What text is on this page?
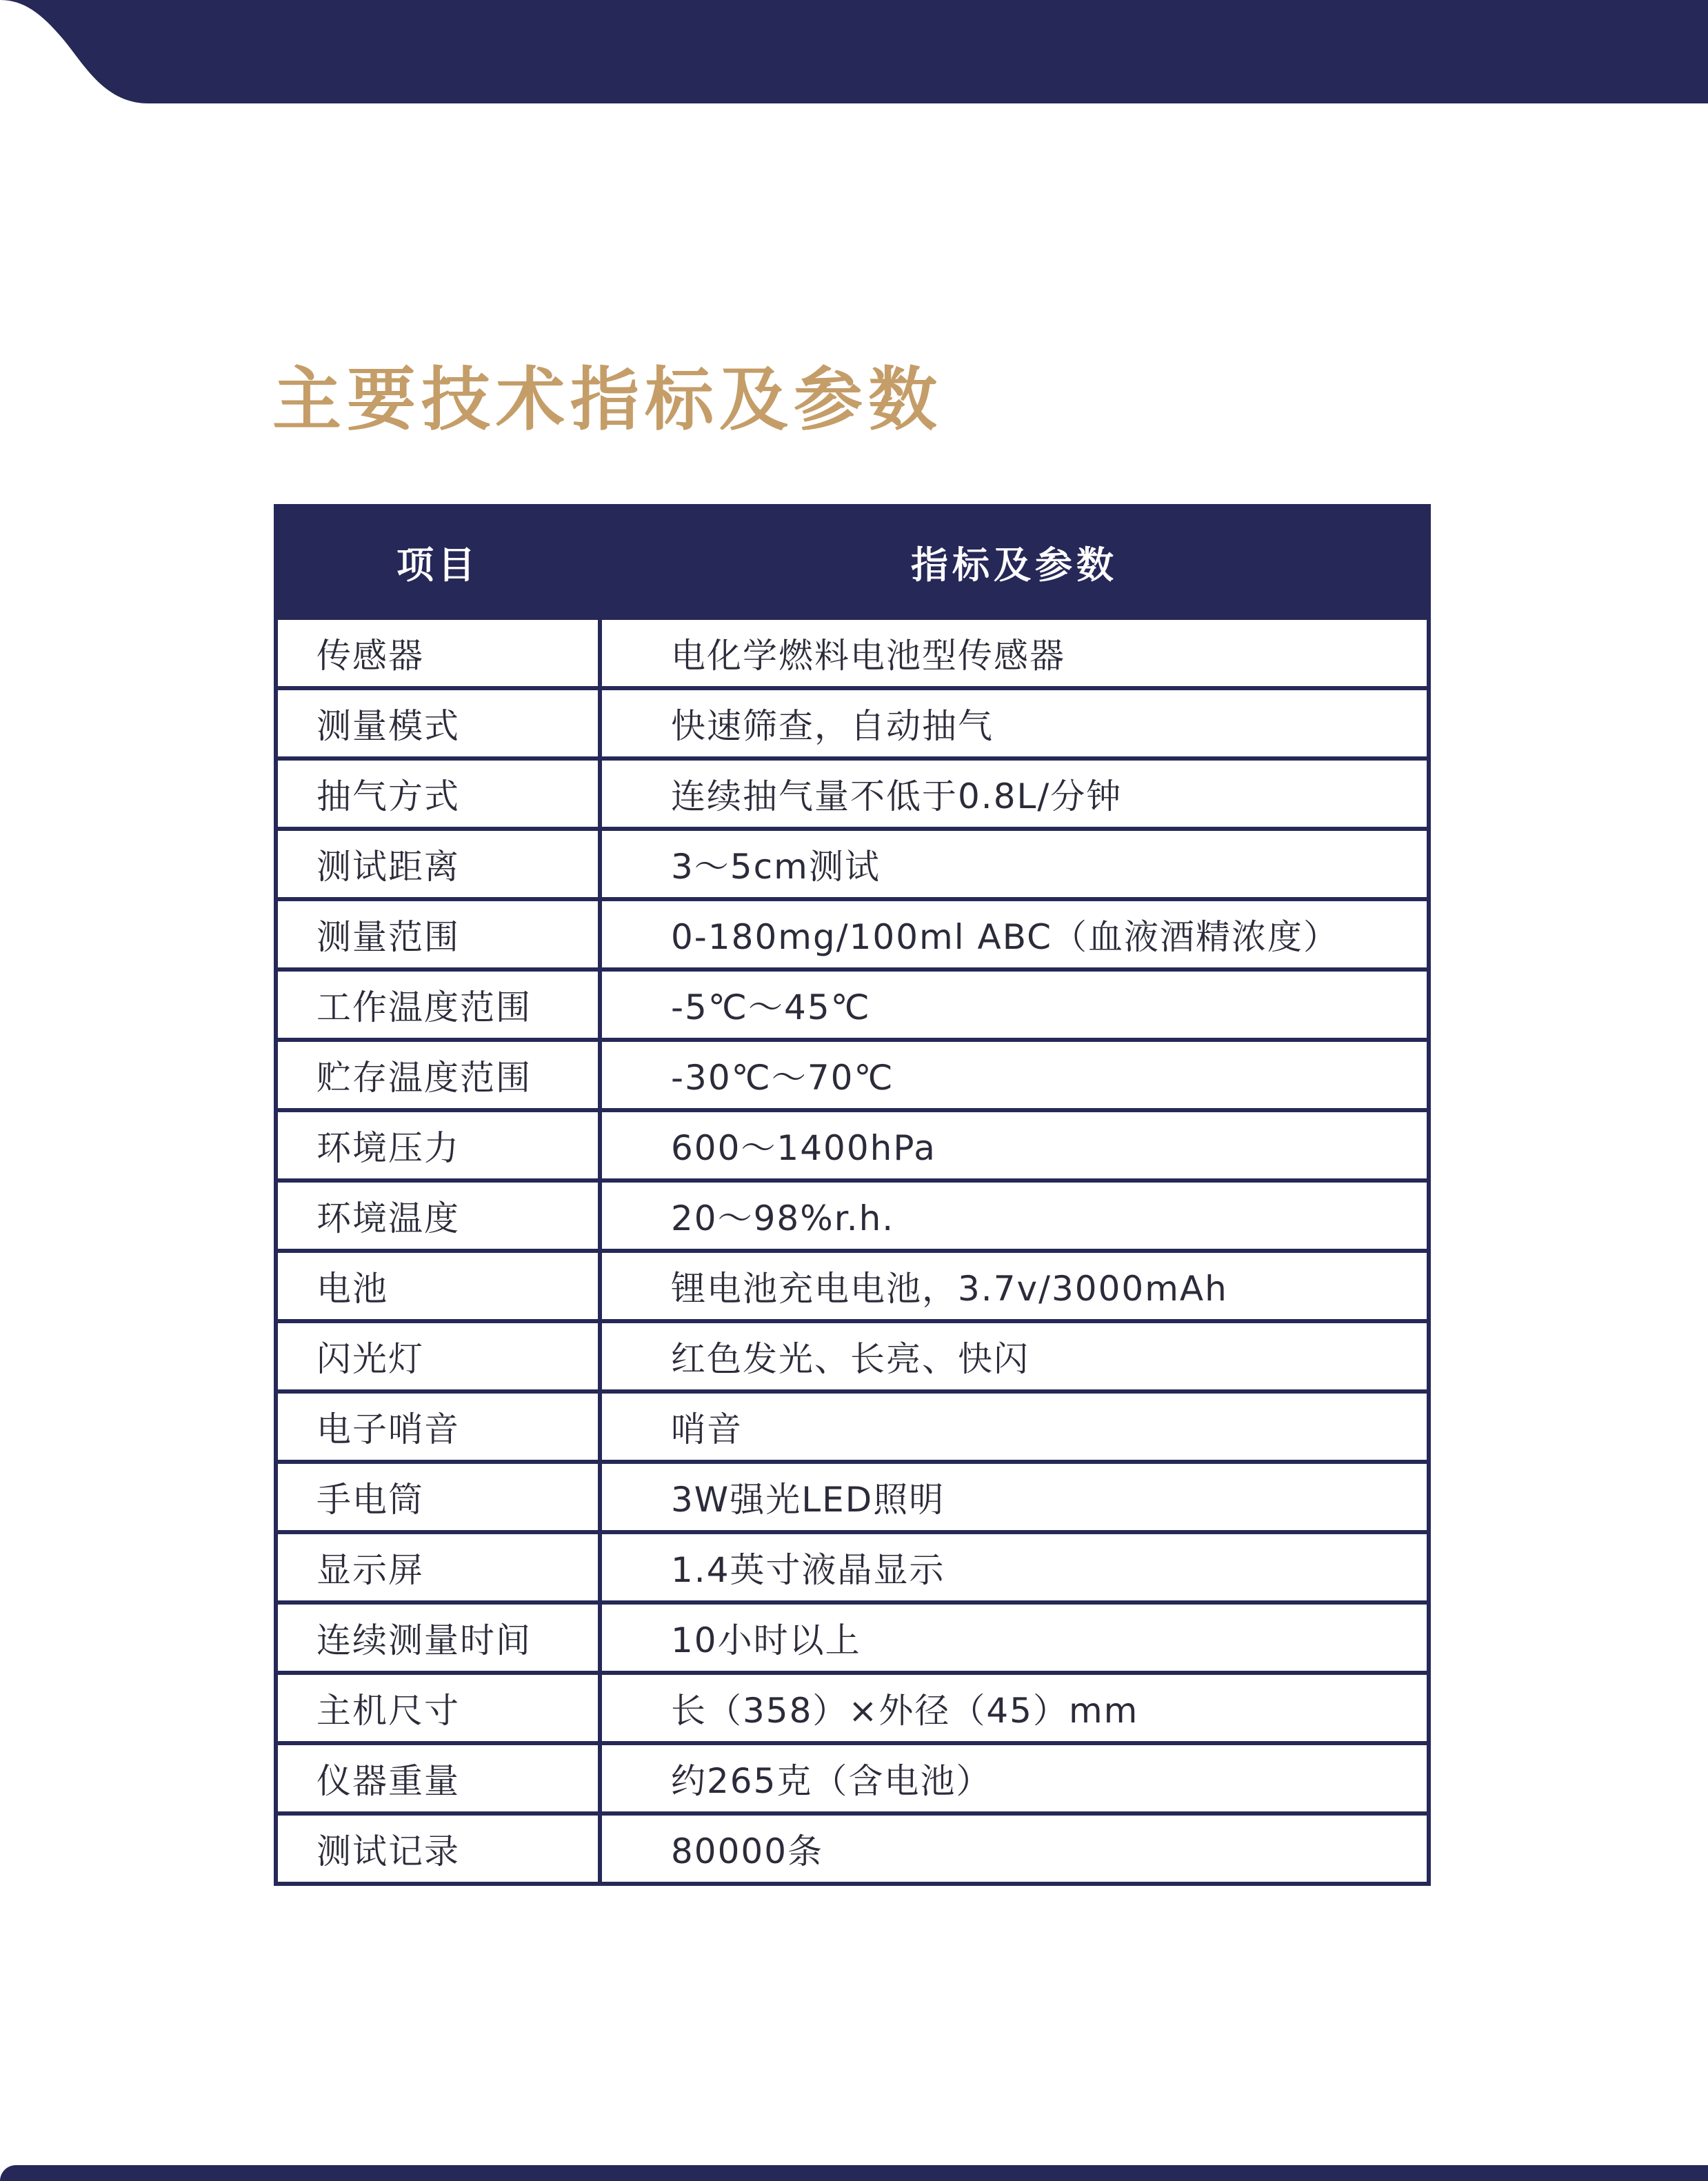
主要技术指标及参数
项目	指标及参数
传感器	电化学燃料电池型传感器
测量模式	快速筛查，自动抽气
抽气方式	连续抽气量不低于0.8L/分钟
测试距离	3～5cm测试
测量范围	0-180mg/100ml ABC（血液酒精浓度）
工作温度范围	-5℃～45℃
贮存温度范围	-30℃～70℃
环境压力	600～1400hPa
环境温度	20～98%r.h.
电池	锂电池充电电池，3.7v/3000mAh
闪光灯	红色发光、长亮、快闪
电子哨音	哨音
手电筒	3W强光LED照明
显示屏	1.4英寸液晶显示
连续测量时间	10小时以上
主机尺寸	长（358）×外径（45）mm
仪器重量	约265克（含电池）
测试记录	80000条
